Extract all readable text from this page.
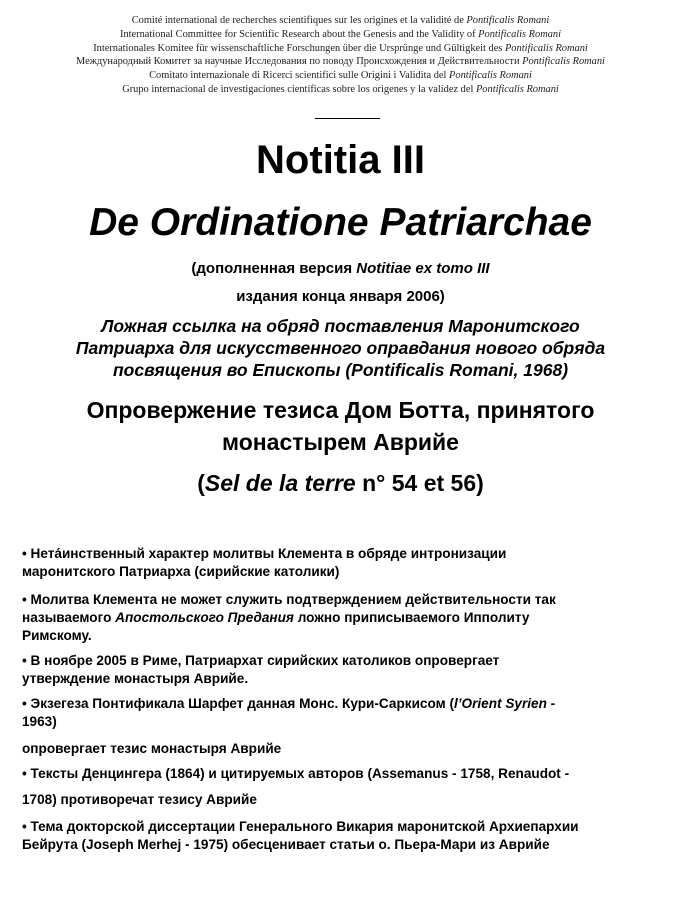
Comité international de recherches scientifiques sur les origines et la validité de Pontificalis Romani
International Committee for Scientific Research about the Genesis and the Validity of Pontificalis Romani
Internationales Komitee für wissenschaftliche Forschungen über die Ursprünge und Gültigkeit des Pontificalis Romani
Международный Комитет за научные Исследования по поводу Происхождения и Действительности Pontificalis Romani
Comitato internazionale di Ricerci scientifici sulle Origini i Validita del Pontificalis Romani
Grupo internacional de investigaciones científicas sobre los origenes y la validez del Pontificalis Romani
Notitia III
De Ordinatione Patriarchae
(дополненная версия Notitiae ex tomo III
издания конца января 2006)
Ложная ссылка на обряд поставления Маронитского
Патриарха для искусственного оправдания нового обряда
посвящения во Епископы (Pontificalis Romani, 1968)
Опровержение тезиса Дом Ботта, принятого
монастырем Аврийе
(Sel de la terre n° 54 et 56)
• Нета́инственный характер молитвы Клемента в обряде интронизации
маронитского Патриарха (сирийские католики)
• Молитва Клемента не может служить подтверждением действительности так
называемого Апостольского Предания ложно приписываемого Ипполиту
Римскому.
• В ноябре 2005 в Риме, Патриархат сирийских католиков опровергает
утверждение монастыря Аврийе.
• Экзегеза Понтификала Шарфет данная Монс. Кури-Саркисом (l’Orient Syrien -
1963)
опровергает тезис монастыря Аврийе
• Тексты Денцингера (1864) и цитируемых авторов (Assemanus - 1758, Renaudot -
1708) противоречат тезису Аврийе
• Тема докторской диссертации Генерального Викария маронитской Архиепархии
Бейрута (Joseph Merhej - 1975) обесценивает статьи о. Пьера-Мари из Аврийе
